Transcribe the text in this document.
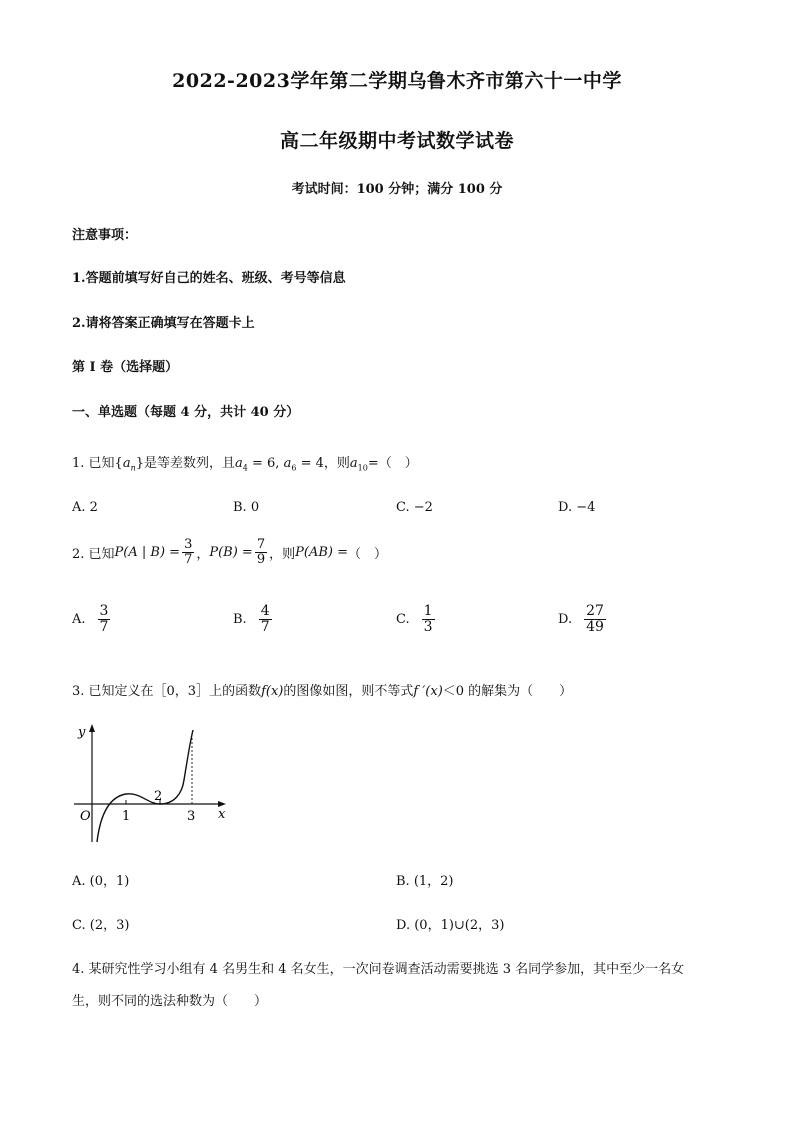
2022-2023学年第二学期乌鲁木齐市第六十一中学
高二年级期中考试数学试卷
考试时间：100 分钟；满分 100 分
注意事项：
1.答题前填写好自己的姓名、班级、考号等信息
2.请将答案正确填写在答题卡上
第 I 卷（选择题）
一、单选题（每题 4 分，共计 40 分）
1. 已知$\{a_n\}$是等差数列，且$a_4 = 6$, $a_6 = 4$，则$a_{10}=$（　）
A. 2	B. 0	C. −2	D. −4
2. 已知 P(A | $B) = \frac{3}{7}$ ， $P(B) = \frac{7}{9}$ ，则 P(AB) = （　）
A. $\frac{3}{7}$	B. $\frac{4}{7}$	C. $\frac{1}{3}$	D. $\frac{27}{49}$
3. 已知定义在［0，3］上的函数f(x)的图像如图，则不等式f ′(x)＜0 的解集为（　　）
y
x
O 1
2
3
A. (0，1)	B. (1，2)
C. (2，3)	D. (0，1)∪(2，3)
4. 某研究性学习小组有 4 名男生和 4 名女生，一次问卷调查活动需要挑选 3 名同学参加，其中至少一名女
生，则不同的选法种数为（　　）
